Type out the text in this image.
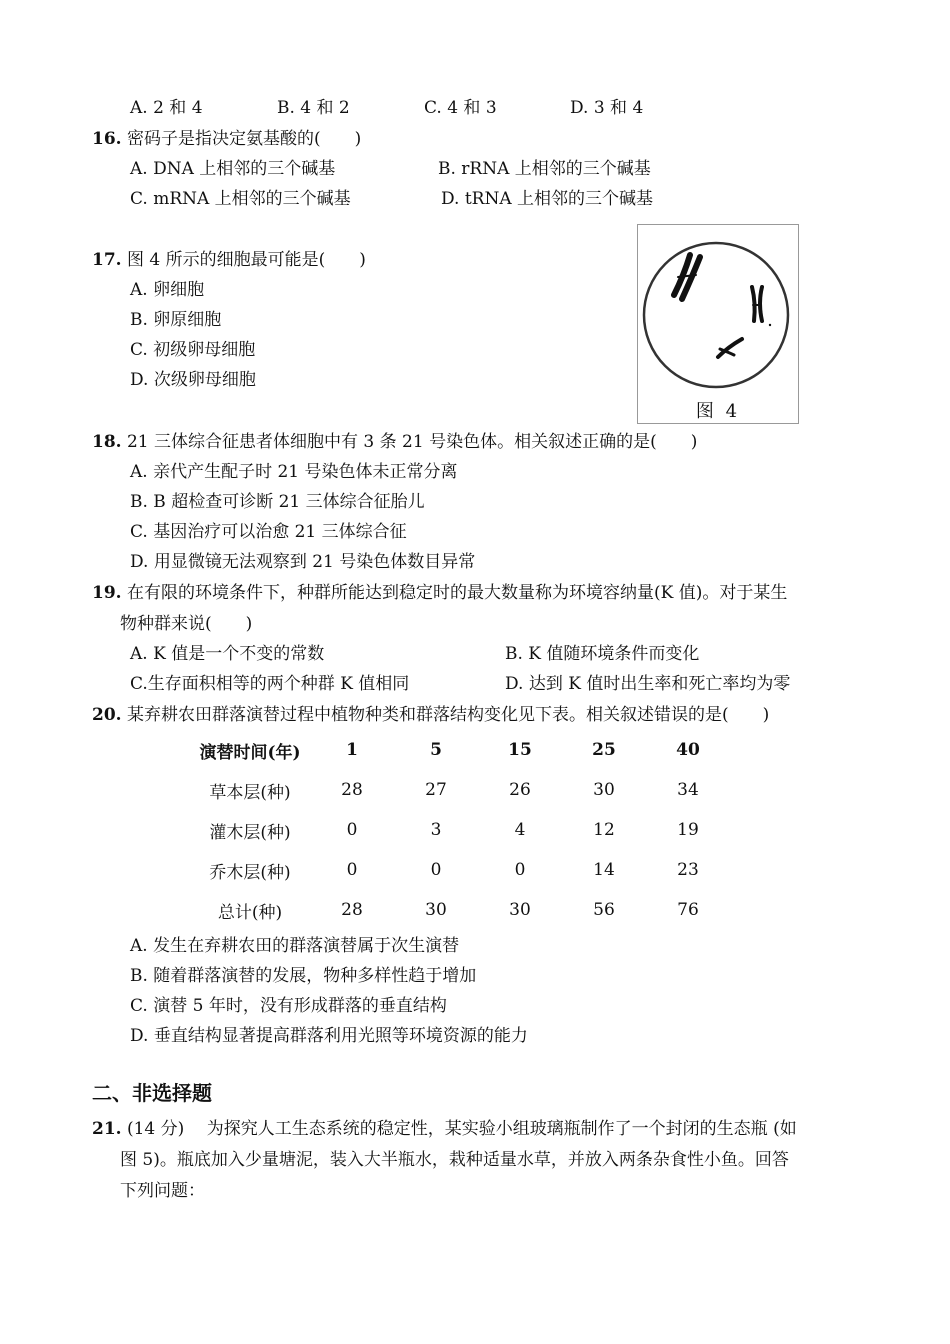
A. 2 和 4	B. 4 和 2	C. 4 和 3	D. 3 和 4
16. 密码子是指决定氨基酸的(　　)
A. DNA 上相邻的三个碱基	B. rRNA 上相邻的三个碱基
C. mRNA 上相邻的三个碱基	D. tRNA 上相邻的三个碱基
17. 图 4 所示的细胞最可能是(　　)
A. 卵细胞
B. 卵原细胞
C. 初级卵母细胞
D. 次级卵母细胞
图 4
18. 21 三体综合征患者体细胞中有 3 条 21 号染色体。相关叙述正确的是(　　)
A. 亲代产生配子时 21 号染色体未正常分离
B. B 超检查可诊断 21 三体综合征胎儿
C. 基因治疗可以治愈 21 三体综合征
D. 用显微镜无法观察到 21 号染色体数目异常
19. 在有限的环境条件下，种群所能达到稳定时的最大数量称为环境容纳量(K 值)。对于某生
物种群来说(　　)
A. K 值是一个不变的常数	B. K 值随环境条件而变化
C.生存面积相等的两个种群 K 值相同	D. 达到 K 值时出生率和死亡率均为零
20. 某弃耕农田群落演替过程中植物种类和群落结构变化见下表。相关叙述错误的是(　　)
演替时间(年)	1	5	15	25	40
草本层(种)	28	27	26	30	34
灌木层(种)	0	3	4	12	19
乔木层(种)	0	0	0	14	23
总计(种)	28	30	30	56	76
A. 发生在弃耕农田的群落演替属于次生演替
B. 随着群落演替的发展，物种多样性趋于增加
C. 演替 5 年时，没有形成群落的垂直结构
D. 垂直结构显著提高群落利用光照等环境资源的能力
二、非选择题
21. (14 分)　 为探究人工生态系统的稳定性，某实验小组玻璃瓶制作了一个封闭的生态瓶 (如
图 5)。瓶底加入少量塘泥，装入大半瓶水，栽种适量水草，并放入两条杂食性小鱼。回答
下列问题：
